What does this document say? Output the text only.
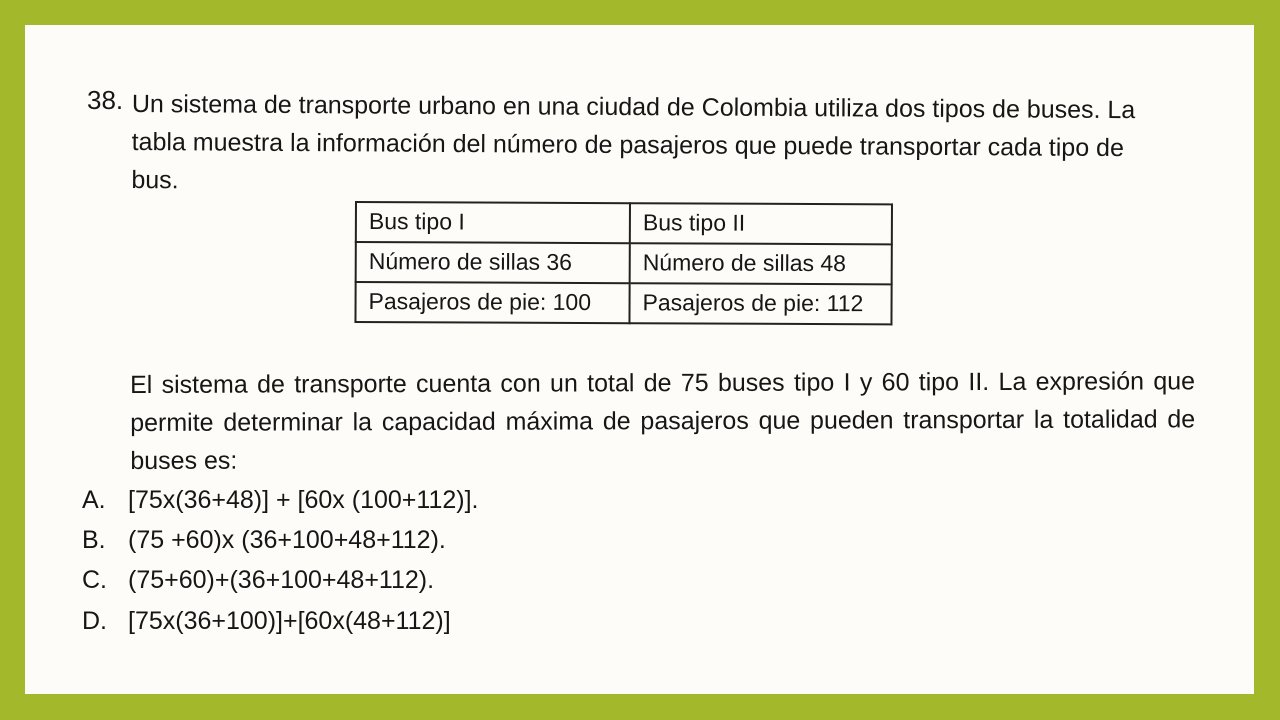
38. Un sistema de transporte urbano en una ciudad de Colombia utiliza dos tipos de buses. La tabla muestra la información del número de pasajeros que puede transportar cada tipo de bus.

Bus tipo I	Bus tipo II
Número de sillas 36	Número de sillas 48
Pasajeros de pie: 100	Pasajeros de pie: 112

El sistema de transporte cuenta con un total de 75 buses tipo I y 60 tipo II. La expresión que permite determinar la capacidad máxima de pasajeros que pueden transportar la totalidad de buses es:

A. [75x(36+48)] + [60x (100+112)].
B. (75 +60)x (36+100+48+112).
C. (75+60)+(36+100+48+112).
D. [75x(36+100)]+[60x(48+112)]
